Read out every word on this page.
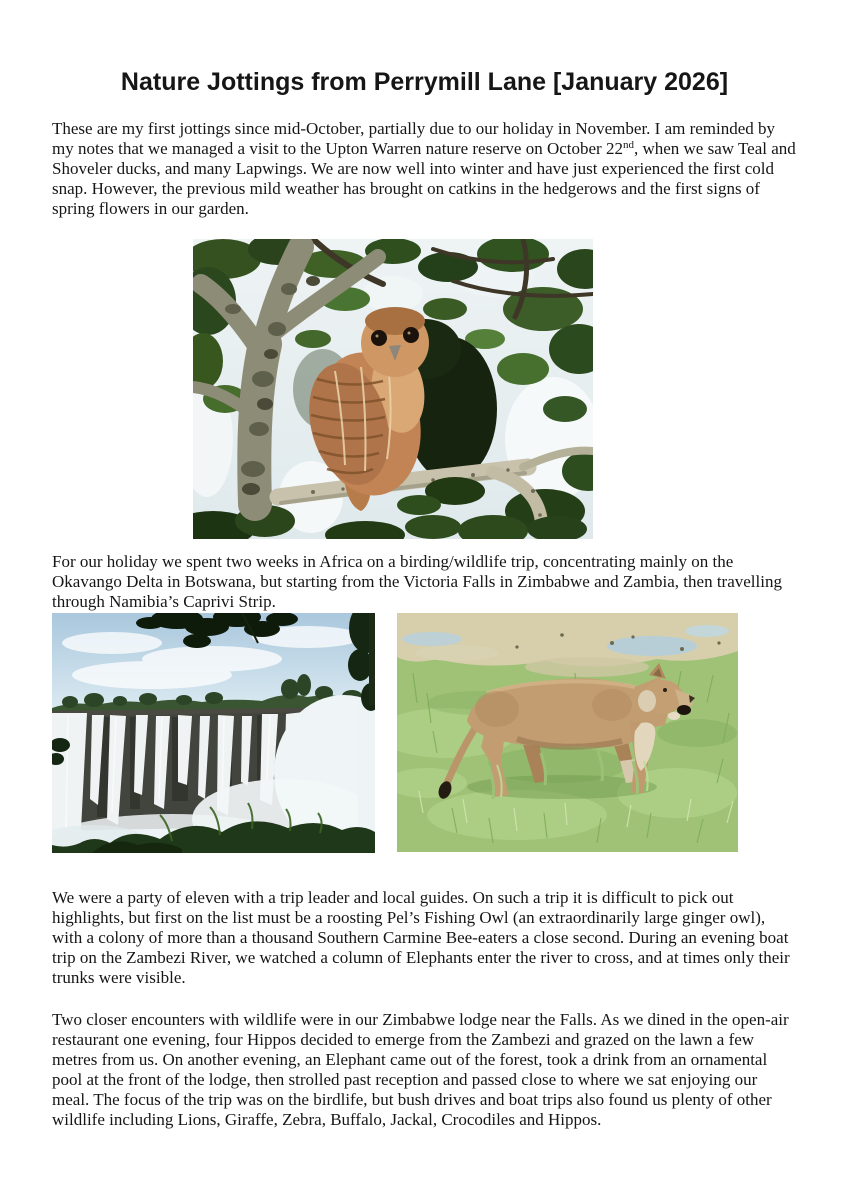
Nature Jottings from Perrymill Lane [January 2026]

These are my first jottings since mid-October, partially due to our holiday in November. I am reminded by my notes that we managed a visit to the Upton Warren nature reserve on October 22nd, when we saw Teal and Shoveler ducks, and many Lapwings. We are now well into winter and have just experienced the first cold snap. However, the previous mild weather has brought on catkins in the hedgerows and the first signs of spring flowers in our garden.

For our holiday we spent two weeks in Africa on a birding/wildlife trip, concentrating mainly on the Okavango Delta in Botswana, but starting from the Victoria Falls in Zimbabwe and Zambia, then travelling through Namibia’s Caprivi Strip.

We were a party of eleven with a trip leader and local guides. On such a trip it is difficult to pick out highlights, but first on the list must be a roosting Pel’s Fishing Owl (an extraordinarily large ginger owl), with a colony of more than a thousand Southern Carmine Bee-eaters a close second. During an evening boat trip on the Zambezi River, we watched a column of Elephants enter the river to cross, and at times only their trunks were visible.

Two closer encounters with wildlife were in our Zimbabwe lodge near the Falls. As we dined in the open-air restaurant one evening, four Hippos decided to emerge from the Zambezi and grazed on the lawn a few metres from us. On another evening, an Elephant came out of the forest, took a drink from an ornamental pool at the front of the lodge, then strolled past reception and passed close to where we sat enjoying our meal. The focus of the trip was on the birdlife, but bush drives and boat trips also found us plenty of other wildlife including Lions, Giraffe, Zebra, Buffalo, Jackal, Crocodiles and Hippos.
